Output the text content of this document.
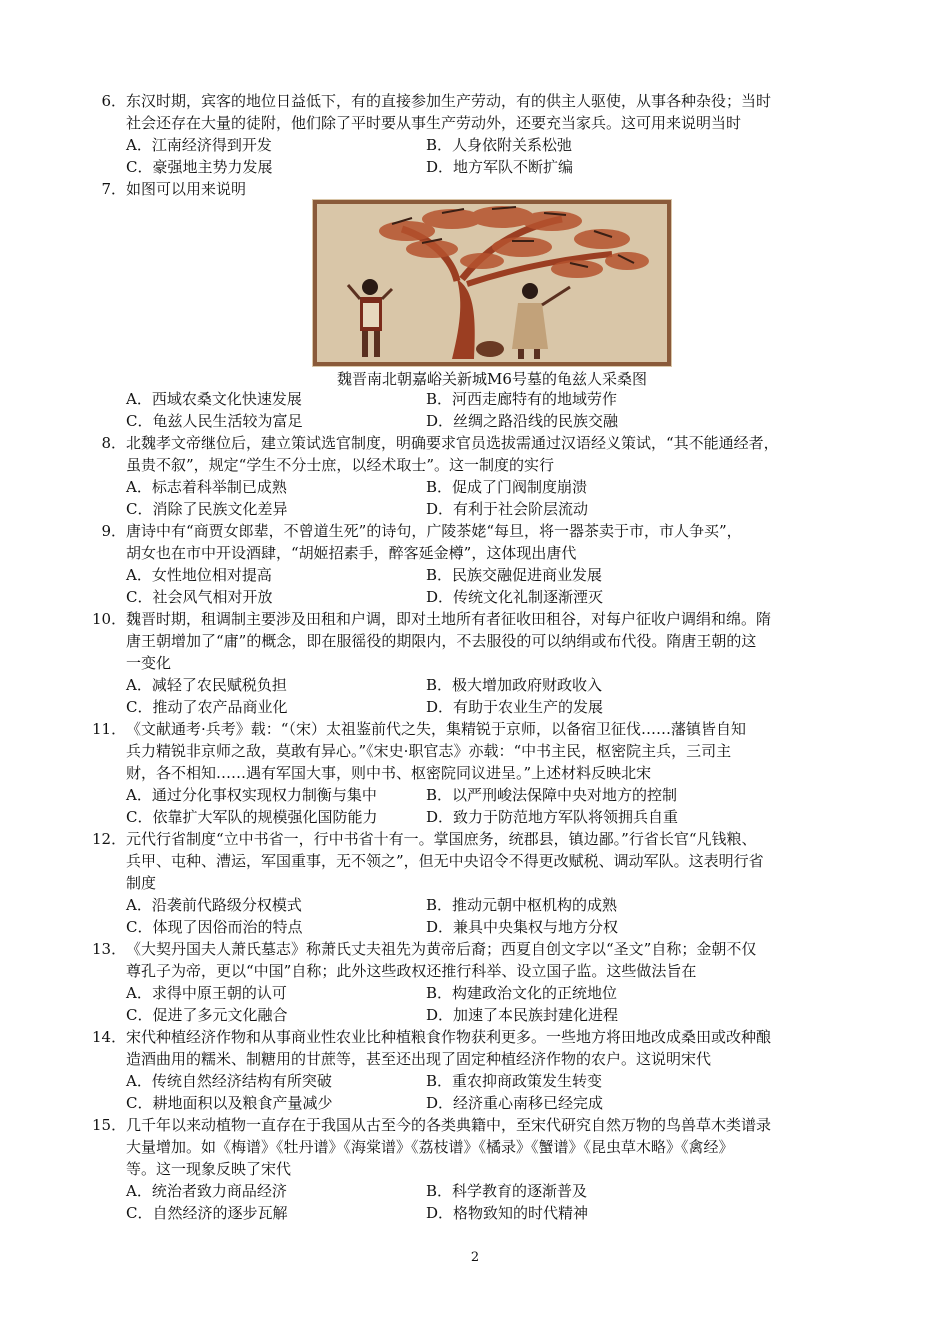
6．东汉时期，宾客的地位日益低下，有的直接参加生产劳动，有的供主人驱使，从事各种杂役；当时
社会还存在大量的徒附，他们除了平时要从事生产劳动外，还要充当家兵。这可用来说明当时
A．江南经济得到开发	B．人身依附关系松弛
C．豪强地主势力发展	D．地方军队不断扩编
7．如图可以用来说明
魏晋南北朝嘉峪关新城M6号墓的龟兹人采桑图
A．西域农桑文化快速发展	B．河西走廊特有的地域劳作
C．龟兹人民生活较为富足	D．丝绸之路沿线的民族交融
8．北魏孝文帝继位后，建立策试选官制度，明确要求官员选拔需通过汉语经义策试，“其不能通经者，
虽贵不叙”，规定“学生不分士庶，以经术取士”。这一制度的实行
A．标志着科举制已成熟	B．促成了门阀制度崩溃
C．消除了民族文化差异	D．有利于社会阶层流动
9．唐诗中有“商贾女郎辈，不曾道生死”的诗句，广陵茶姥“每旦，将一器茶卖于市，市人争买”，
胡女也在市中开设酒肆，“胡姬招素手，醉客延金樽”，这体现出唐代
A．女性地位相对提高	B．民族交融促进商业发展
C．社会风气相对开放	D．传统文化礼制逐渐湮灭
10．魏晋时期，租调制主要涉及田租和户调，即对土地所有者征收田租谷，对每户征收户调绢和绵。隋
唐王朝增加了“庸”的概念，即在服徭役的期限内，不去服役的可以纳绢或布代役。隋唐王朝的这
一变化
A．减轻了农民赋税负担	B．极大增加政府财政收入
C．推动了农产品商业化	D．有助于农业生产的发展
11．《文献通考·兵考》载：“（宋）太祖鉴前代之失，集精锐于京师，以备宿卫征伐……藩镇皆自知
兵力精锐非京师之敌，莫敢有异心。”《宋史·职官志》亦载：“中书主民，枢密院主兵，三司主
财，各不相知……遇有军国大事，则中书、枢密院同议进呈。”上述材料反映北宋
A．通过分化事权实现权力制衡与集中	B．以严刑峻法保障中央对地方的控制
C．依靠扩大军队的规模强化国防能力	D．致力于防范地方军队将领拥兵自重
12．元代行省制度“立中书省一，行中书省十有一。掌国庶务，统郡县，镇边鄙。”行省长官“凡钱粮、
兵甲、屯种、漕运，军国重事，无不领之”，但无中央诏令不得更改赋税、调动军队。这表明行省
制度
A．沿袭前代路级分权模式	B．推动元朝中枢机构的成熟
C．体现了因俗而治的特点	D．兼具中央集权与地方分权
13．《大契丹国夫人萧氏墓志》称萧氏丈夫祖先为黄帝后裔；西夏自创文字以“圣文”自称；金朝不仅
尊孔子为帝，更以“中国”自称；此外这些政权还推行科举、设立国子监。这些做法旨在
A．求得中原王朝的认可	B．构建政治文化的正统地位
C．促进了多元文化融合	D．加速了本民族封建化进程
14．宋代种植经济作物和从事商业性农业比种植粮食作物获利更多。一些地方将田地改成桑田或改种酿
造酒曲用的糯米、制糖用的甘蔗等，甚至还出现了固定种植经济作物的农户。这说明宋代
A．传统自然经济结构有所突破	B．重农抑商政策发生转变
C．耕地面积以及粮食产量减少	D．经济重心南移已经完成
15．几千年以来动植物一直存在于我国从古至今的各类典籍中，至宋代研究自然万物的鸟兽草木类谱录
大量增加。如《梅谱》《牡丹谱》《海棠谱》《荔枝谱》《橘录》《蟹谱》《昆虫草木略》《禽经》
等。这一现象反映了宋代
A．统治者致力商品经济	B．科学教育的逐渐普及
C．自然经济的逐步瓦解	D．格物致知的时代精神
2
